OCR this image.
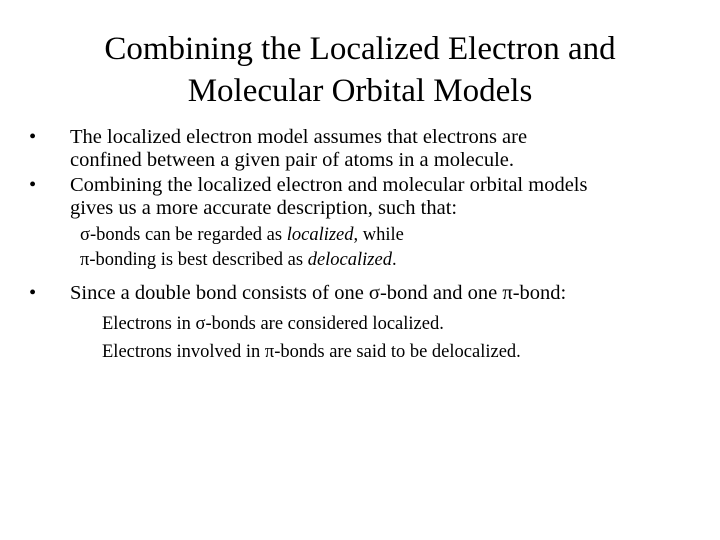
Combining the Localized Electron and
Molecular Orbital Models
• The localized electron model assumes that electrons are
confined between a given pair of atoms in a molecule.
• Combining the localized electron and molecular orbital models
gives us a more accurate description, such that:
σ-bonds can be regarded as localized, while
π-bonding is best described as delocalized.
• Since a double bond consists of one σ-bond and one π-bond:
Electrons in σ-bonds are considered localized.
Electrons involved in π-bonds are said to be delocalized.
